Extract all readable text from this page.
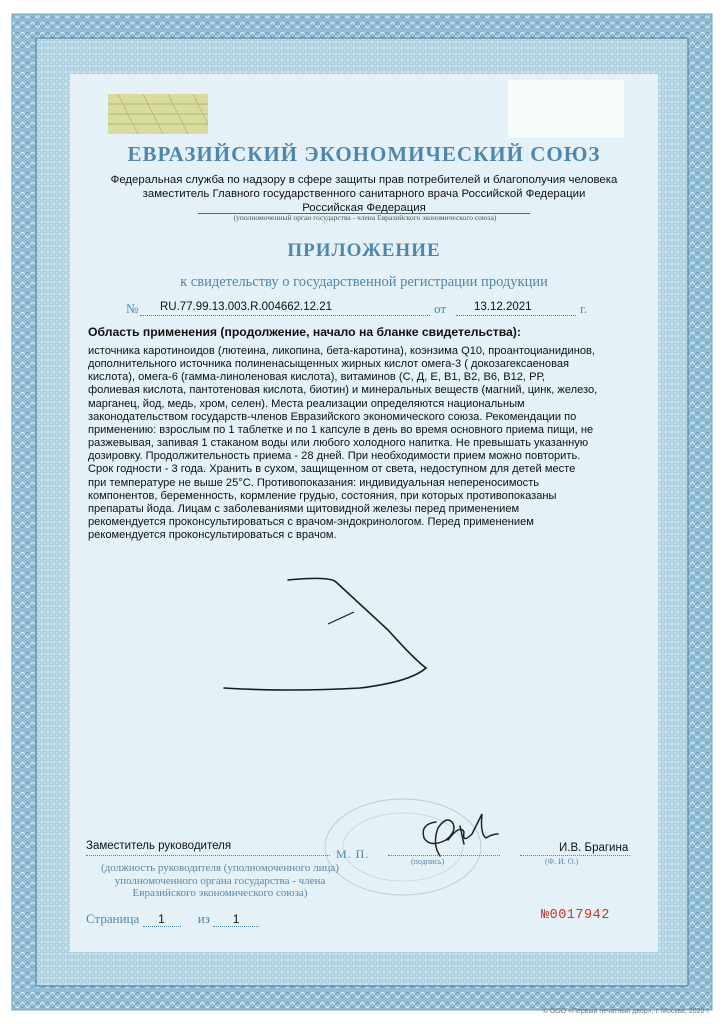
ЕВРАЗИЙСКИЙ ЭКОНОМИЧЕСКИЙ СОЮЗ
Федеральная служба по надзору в сфере защиты прав потребителей и благополучия человека
заместитель Главного государственного санитарного врача Российской Федерации
Российская Федерация
(уполномоченный орган государства - члена Евразийского экономического союза)
ПРИЛОЖЕНИЕ
к свидетельству о государственной регистрации продукции
№ RU.77.99.13.003.R.004662.12.21	от 13.12.2021	г.
Область применения (продолжение, начало на бланке свидетельства):
источника каротиноидов (лютеина, ликопина, бета-каротина), коэнзима Q10, проантоцианидинов,
дополнительного источника полиненасыщенных жирных кислот омега-3 ( докозагексаеновая
кислота), омега-6 (гамма-линоленовая кислота), витаминов (С, Д, Е, В1, В2, В6, В12, РР,
фолиевая кислота, пантотеновая кислота, биотин) и минеральных веществ (магний, цинк, железо,
марганец, йод, медь, хром, селен). Места реализации определяются национальным
законодательством государств-членов Евразийского экономического союза. Рекомендации по
применению: взрослым по 1 таблетке и по 1 капсуле в день во время основного приема пищи, не
разжевывая, запивая 1 стаканом воды или любого холодного напитка. Не превышать указанную
дозировку. Продолжительность приема - 28 дней. При необходимости прием можно повторить.
Срок годности - 3 года. Хранить в сухом, защищенном от света, недоступном для детей месте
при температуре не выше 25°С. Противопоказания: индивидуальная непереносимость
компонентов, беременность, кормление грудью, состояния, при которых противопоказаны
препараты йода. Лицам с заболеваниями щитовидной железы перед применением
рекомендуется проконсультироваться с врачом-эндокринологом. Перед применением
рекомендуется проконсультироваться с врачом.
Заместитель руководителя
М. П.	И.В. Брагина
(должность руководителя (уполномоченного лица) уполномоченного органа государства - члена Евразийского экономического союза)
(подпись)	(Ф. И. О.)
Страница 1	из 1	№0017942
© ООО «Первый печатный двор», г. Москва, 2020 г.
